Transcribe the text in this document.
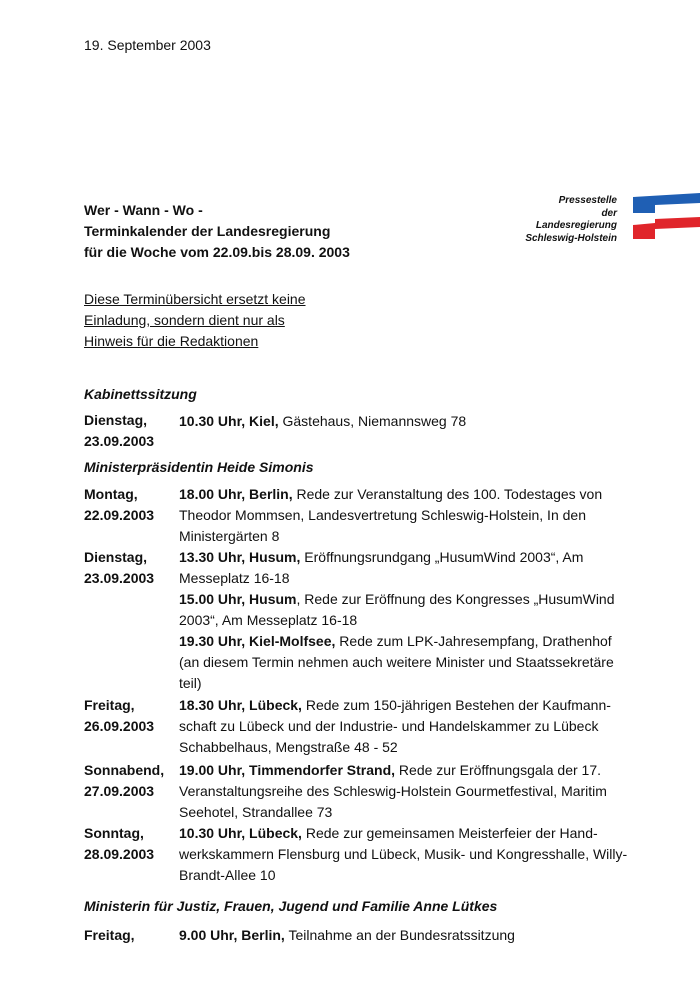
19. September 2003
Wer - Wann - Wo -
Terminkalender der Landesregierung
für die Woche vom 22.09.bis 28.09. 2003
Pressestelle
der
Landesregierung
Schleswig-Holstein
Diese Terminübersicht ersetzt keine
Einladung, sondern dient nur als
Hinweis für die Redaktionen
Kabinettssitzung
Dienstag,
23.09.2003
10.30 Uhr, Kiel, Gästehaus, Niemannsweg 78
Ministerpräsidentin Heide Simonis
Montag,
22.09.2003
18.00 Uhr, Berlin, Rede zur Veranstaltung des 100. Todestages von Theodor Mommsen, Landesvertretung Schleswig-Holstein, In den Ministergärten 8
Dienstag,
23.09.2003
13.30 Uhr, Husum, Eröffnungsrundgang „HusumWind 2003“, Am Messeplatz 16-18
15.00 Uhr, Husum, Rede zur Eröffnung des Kongresses „HusumWind 2003“, Am Messeplatz 16-18
19.30 Uhr, Kiel-Molfsee, Rede zum LPK-Jahresempfang, Drathenhof (an diesem Termin nehmen auch weitere Minister und Staatssekretäre teil)
Freitag,
26.09.2003
18.30 Uhr, Lübeck, Rede zum 150-jährigen Bestehen der Kaufmann-schaft zu Lübeck und der Industrie- und Handelskammer zu Lübeck Schabbelhaus, Mengstraße 48 - 52
Sonnabend,
27.09.2003
19.00 Uhr, Timmendorfer Strand, Rede zur Eröffnungsgala der 17. Veranstaltungsreihe des Schleswig-Holstein Gourmetfestival, Maritim Seehotel, Strandallee 73
Sonntag,
28.09.2003
10.30 Uhr, Lübeck, Rede zur gemeinsamen Meisterfeier der Hand-werkskammern Flensburg und Lübeck, Musik- und Kongresshalle, Willy-Brandt-Allee 10
Ministerin für Justiz, Frauen, Jugend und Familie Anne Lütkes
Freitag,	9.00 Uhr, Berlin, Teilnahme an der Bundesratssitzung
